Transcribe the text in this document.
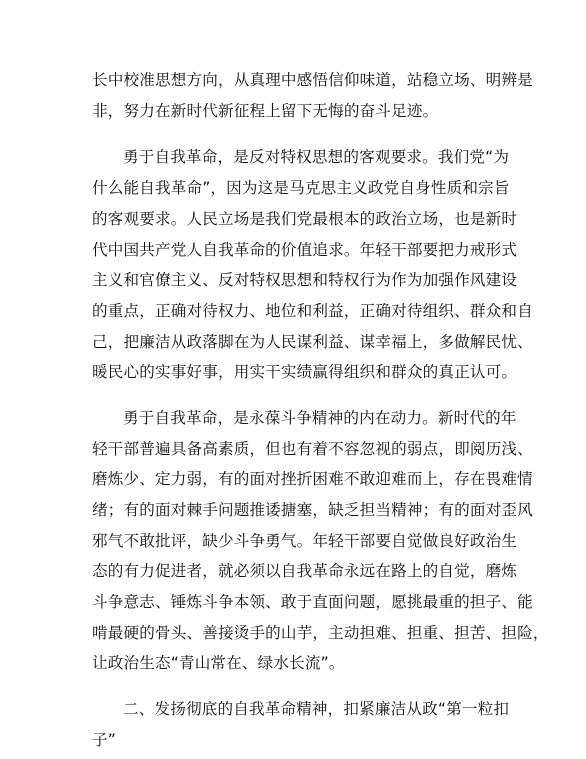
长中校准思想方向，从真理中感悟信仰味道，站稳立场、明辨是
非，努力在新时代新征程上留下无悔的奋斗足迹。
勇于自我革命，是反对特权思想的客观要求。我们党“为
什么能自我革命”，因为这是马克思主义政党自身性质和宗旨
的客观要求。人民立场是我们党最根本的政治立场，也是新时
代中国共产党人自我革命的价值追求。年轻干部要把力戒形式
主义和官僚主义、反对特权思想和特权行为作为加强作风建设
的重点，正确对待权力、地位和利益，正确对待组织、群众和自
己，把廉洁从政落脚在为人民谋利益、谋幸福上，多做解民忧、
暖民心的实事好事，用实干实绩赢得组织和群众的真正认可。
勇于自我革命，是永葆斗争精神的内在动力。新时代的年
轻干部普遍具备高素质，但也有着不容忽视的弱点，即阅历浅、
磨炼少、定力弱，有的面对挫折困难不敢迎难而上，存在畏难情
绪；有的面对棘手问题推诿搪塞，缺乏担当精神；有的面对歪风
邪气不敢批评，缺少斗争勇气。年轻干部要自觉做良好政治生
态的有力促进者，就必须以自我革命永远在路上的自觉，磨炼
斗争意志、锤炼斗争本领、敢于直面问题，愿挑最重的担子、能
啃最硬的骨头、善接烫手的山芋，主动担难、担重、担苦、担险，
让政治生态“青山常在、绿水长流”。
二、发扬彻底的自我革命精神，扣紧廉洁从政“第一粒扣
子”
